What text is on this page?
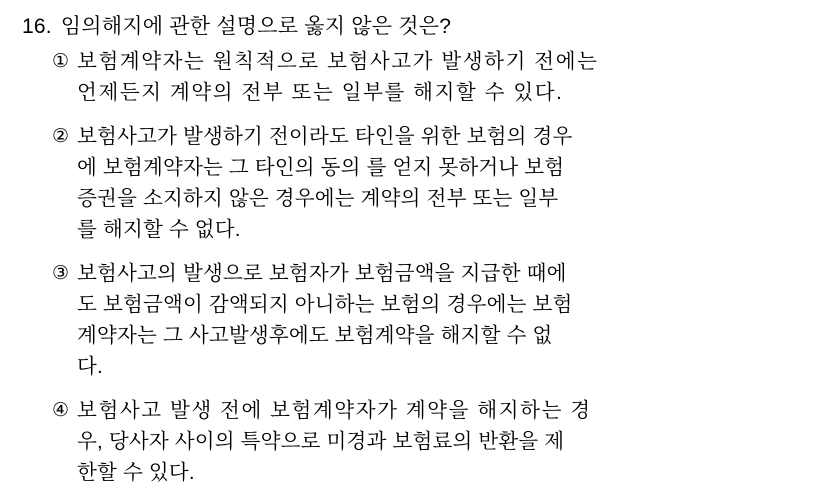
16. 임의해지에 관한 설명으로 옳지 않은 것은?
① 보험계약자는 원칙적으로 보험사고가 발생하기 전에는
언제든지 계약의 전부 또는 일부를 해지할 수 있다.
② 보험사고가 발생하기 전이라도 타인을 위한 보험의 경우
에 보험계약자는 그 타인의 동의 를 얻지 못하거나 보험
증권을 소지하지 않은 경우에는 계약의 전부 또는 일부
를 해지할 수 없다.
③ 보험사고의 발생으로 보험자가 보험금액을 지급한 때에
도 보험금액이 감액되지 아니하는 보험의 경우에는 보험
계약자는 그 사고발생후에도 보험계약을 해지할 수 없
다.
④ 보험사고 발생 전에 보험계약자가 계약을 해지하는 경
우, 당사자 사이의 특약으로 미경과 보험료의 반환을 제
한할 수 있다.
